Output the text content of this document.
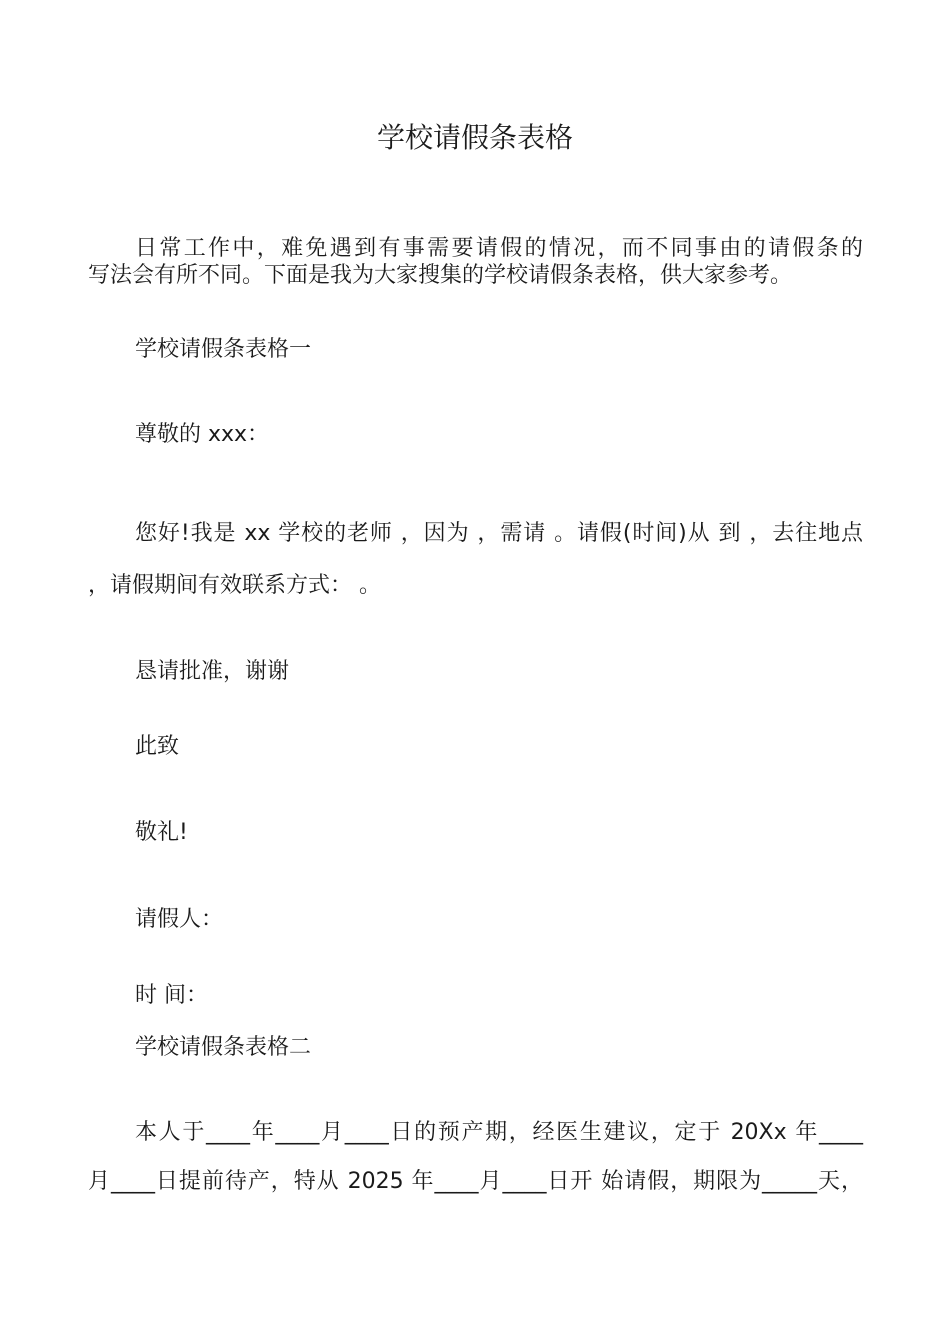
学校请假条表格
日常工作中，难免遇到有事需要请假的情况，而不同事由的请假条的
写法会有所不同。下面是我为大家搜集的学校请假条表格，供大家参考。
学校请假条表格一
尊敬的 xxx：
您好!我是 xx 学校的老师 ，因为 ，需请 。请假(时间)从 到 ，去往地点
，请假期间有效联系方式： 。
恳请批准，谢谢
此致
敬礼!
请假人：
时 间：
学校请假条表格二
本人于____年____月____日的预产期，经医生建议，定于 20Xx 年____
月____日提前待产，特从 2025 年____月____日开 始请假，期限为_____天，
